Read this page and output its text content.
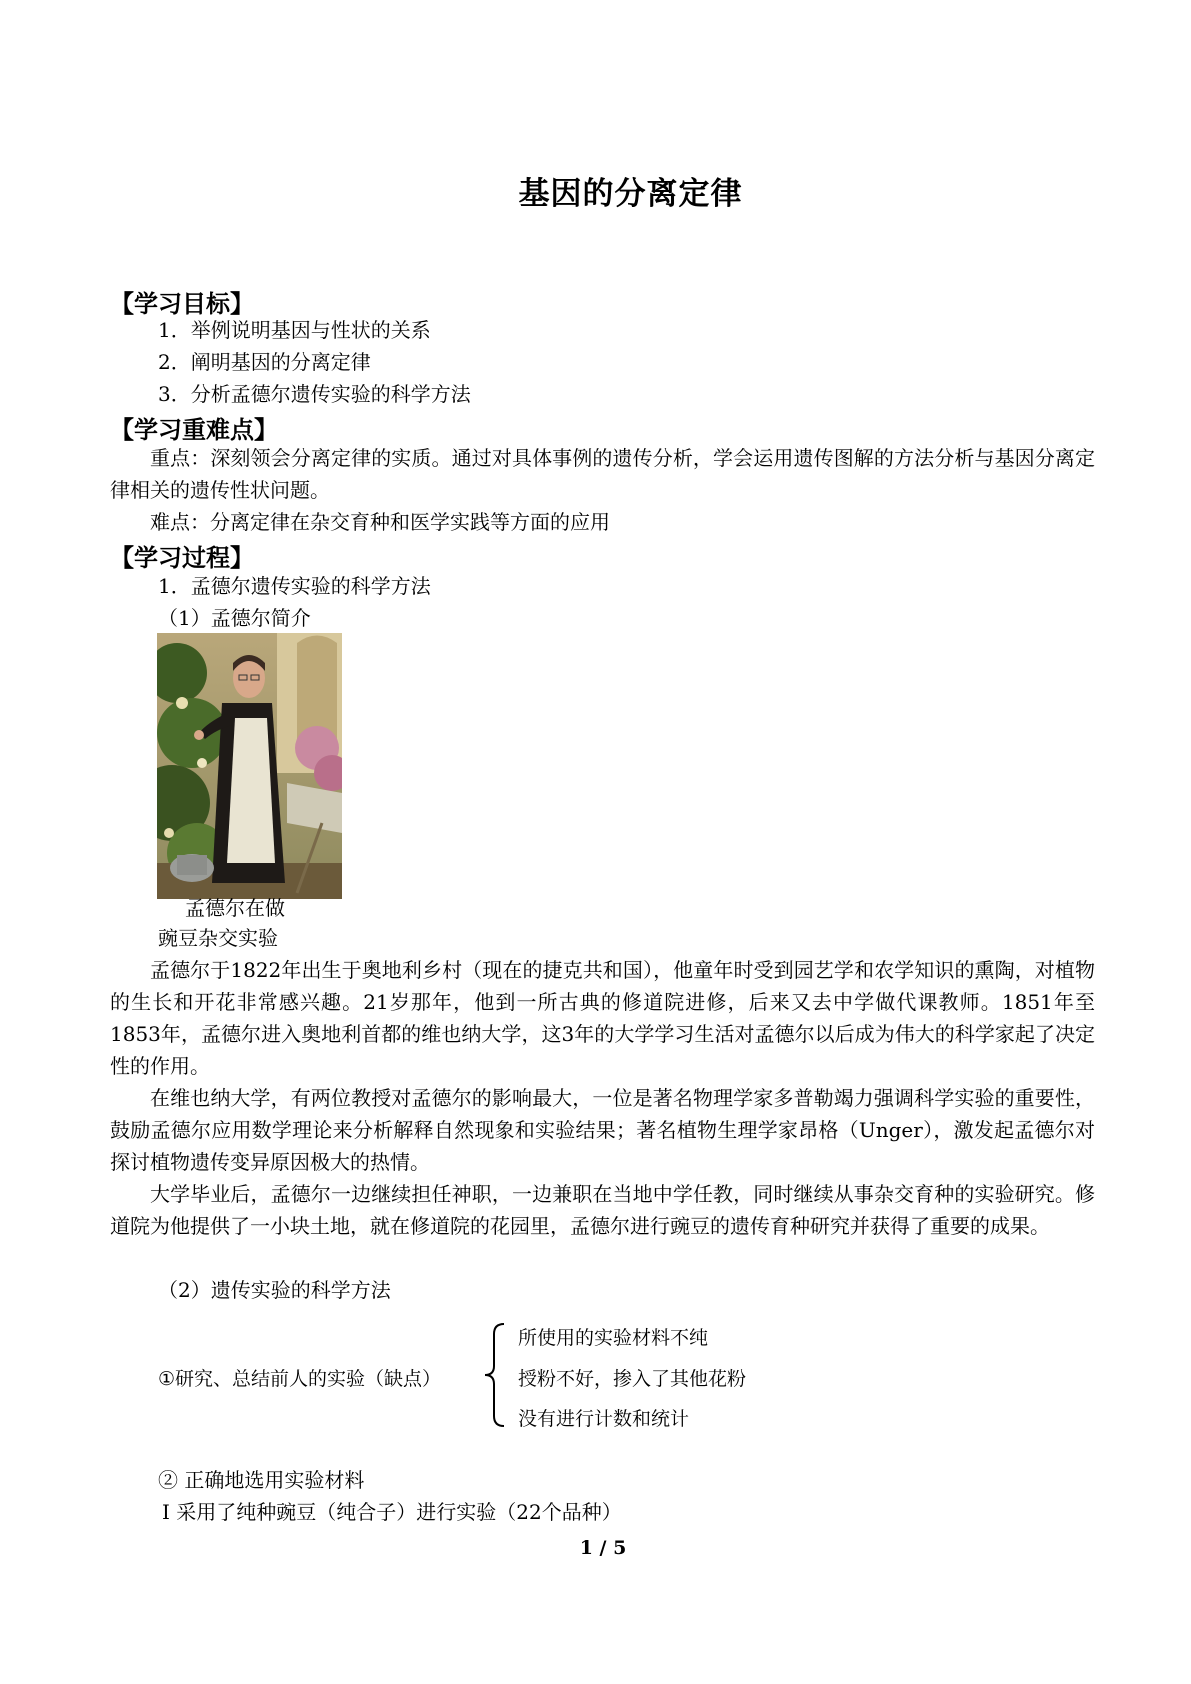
基因的分离定律
【学习目标】
1．举例说明基因与性状的关系
2．阐明基因的分离定律
3．分析孟德尔遗传实验的科学方法
【学习重难点】
重点：深刻领会分离定律的实质。通过对具体事例的遗传分析，学会运用遗传图解的方法分析与基因分离定律相关的遗传性状问题。
难点：分离定律在杂交育种和医学实践等方面的应用
【学习过程】
1．孟德尔遗传实验的科学方法
（1）孟德尔简介
孟德尔在做
豌豆杂交实验
孟德尔于1822年出生于奥地利乡村（现在的捷克共和国），他童年时受到园艺学和农学知识的熏陶，对植物的生长和开花非常感兴趣。21岁那年，他到一所古典的修道院进修，后来又去中学做代课教师。1851年至1853年，孟德尔进入奥地利首都的维也纳大学，这3年的大学学习生活对孟德尔以后成为伟大的科学家起了决定性的作用。
在维也纳大学，有两位教授对孟德尔的影响最大，一位是著名物理学家多普勒竭力强调科学实验的重要性，鼓励孟德尔应用数学理论来分析解释自然现象和实验结果；著名植物生理学家昂格（Unger），激发起孟德尔对探讨植物遗传变异原因极大的热情。
大学毕业后，孟德尔一边继续担任神职，一边兼职在当地中学任教，同时继续从事杂交育种的实验研究。修道院为他提供了一小块土地，就在修道院的花园里，孟德尔进行豌豆的遗传育种研究并获得了重要的成果。
（2）遗传实验的科学方法
①研究、总结前人的实验（缺点）
所使用的实验材料不纯
授粉不好，掺入了其他花粉
没有进行计数和统计
② 正确地选用实验材料
Ⅰ 采用了纯种豌豆（纯合子）进行实验（22个品种）
1 / 5
